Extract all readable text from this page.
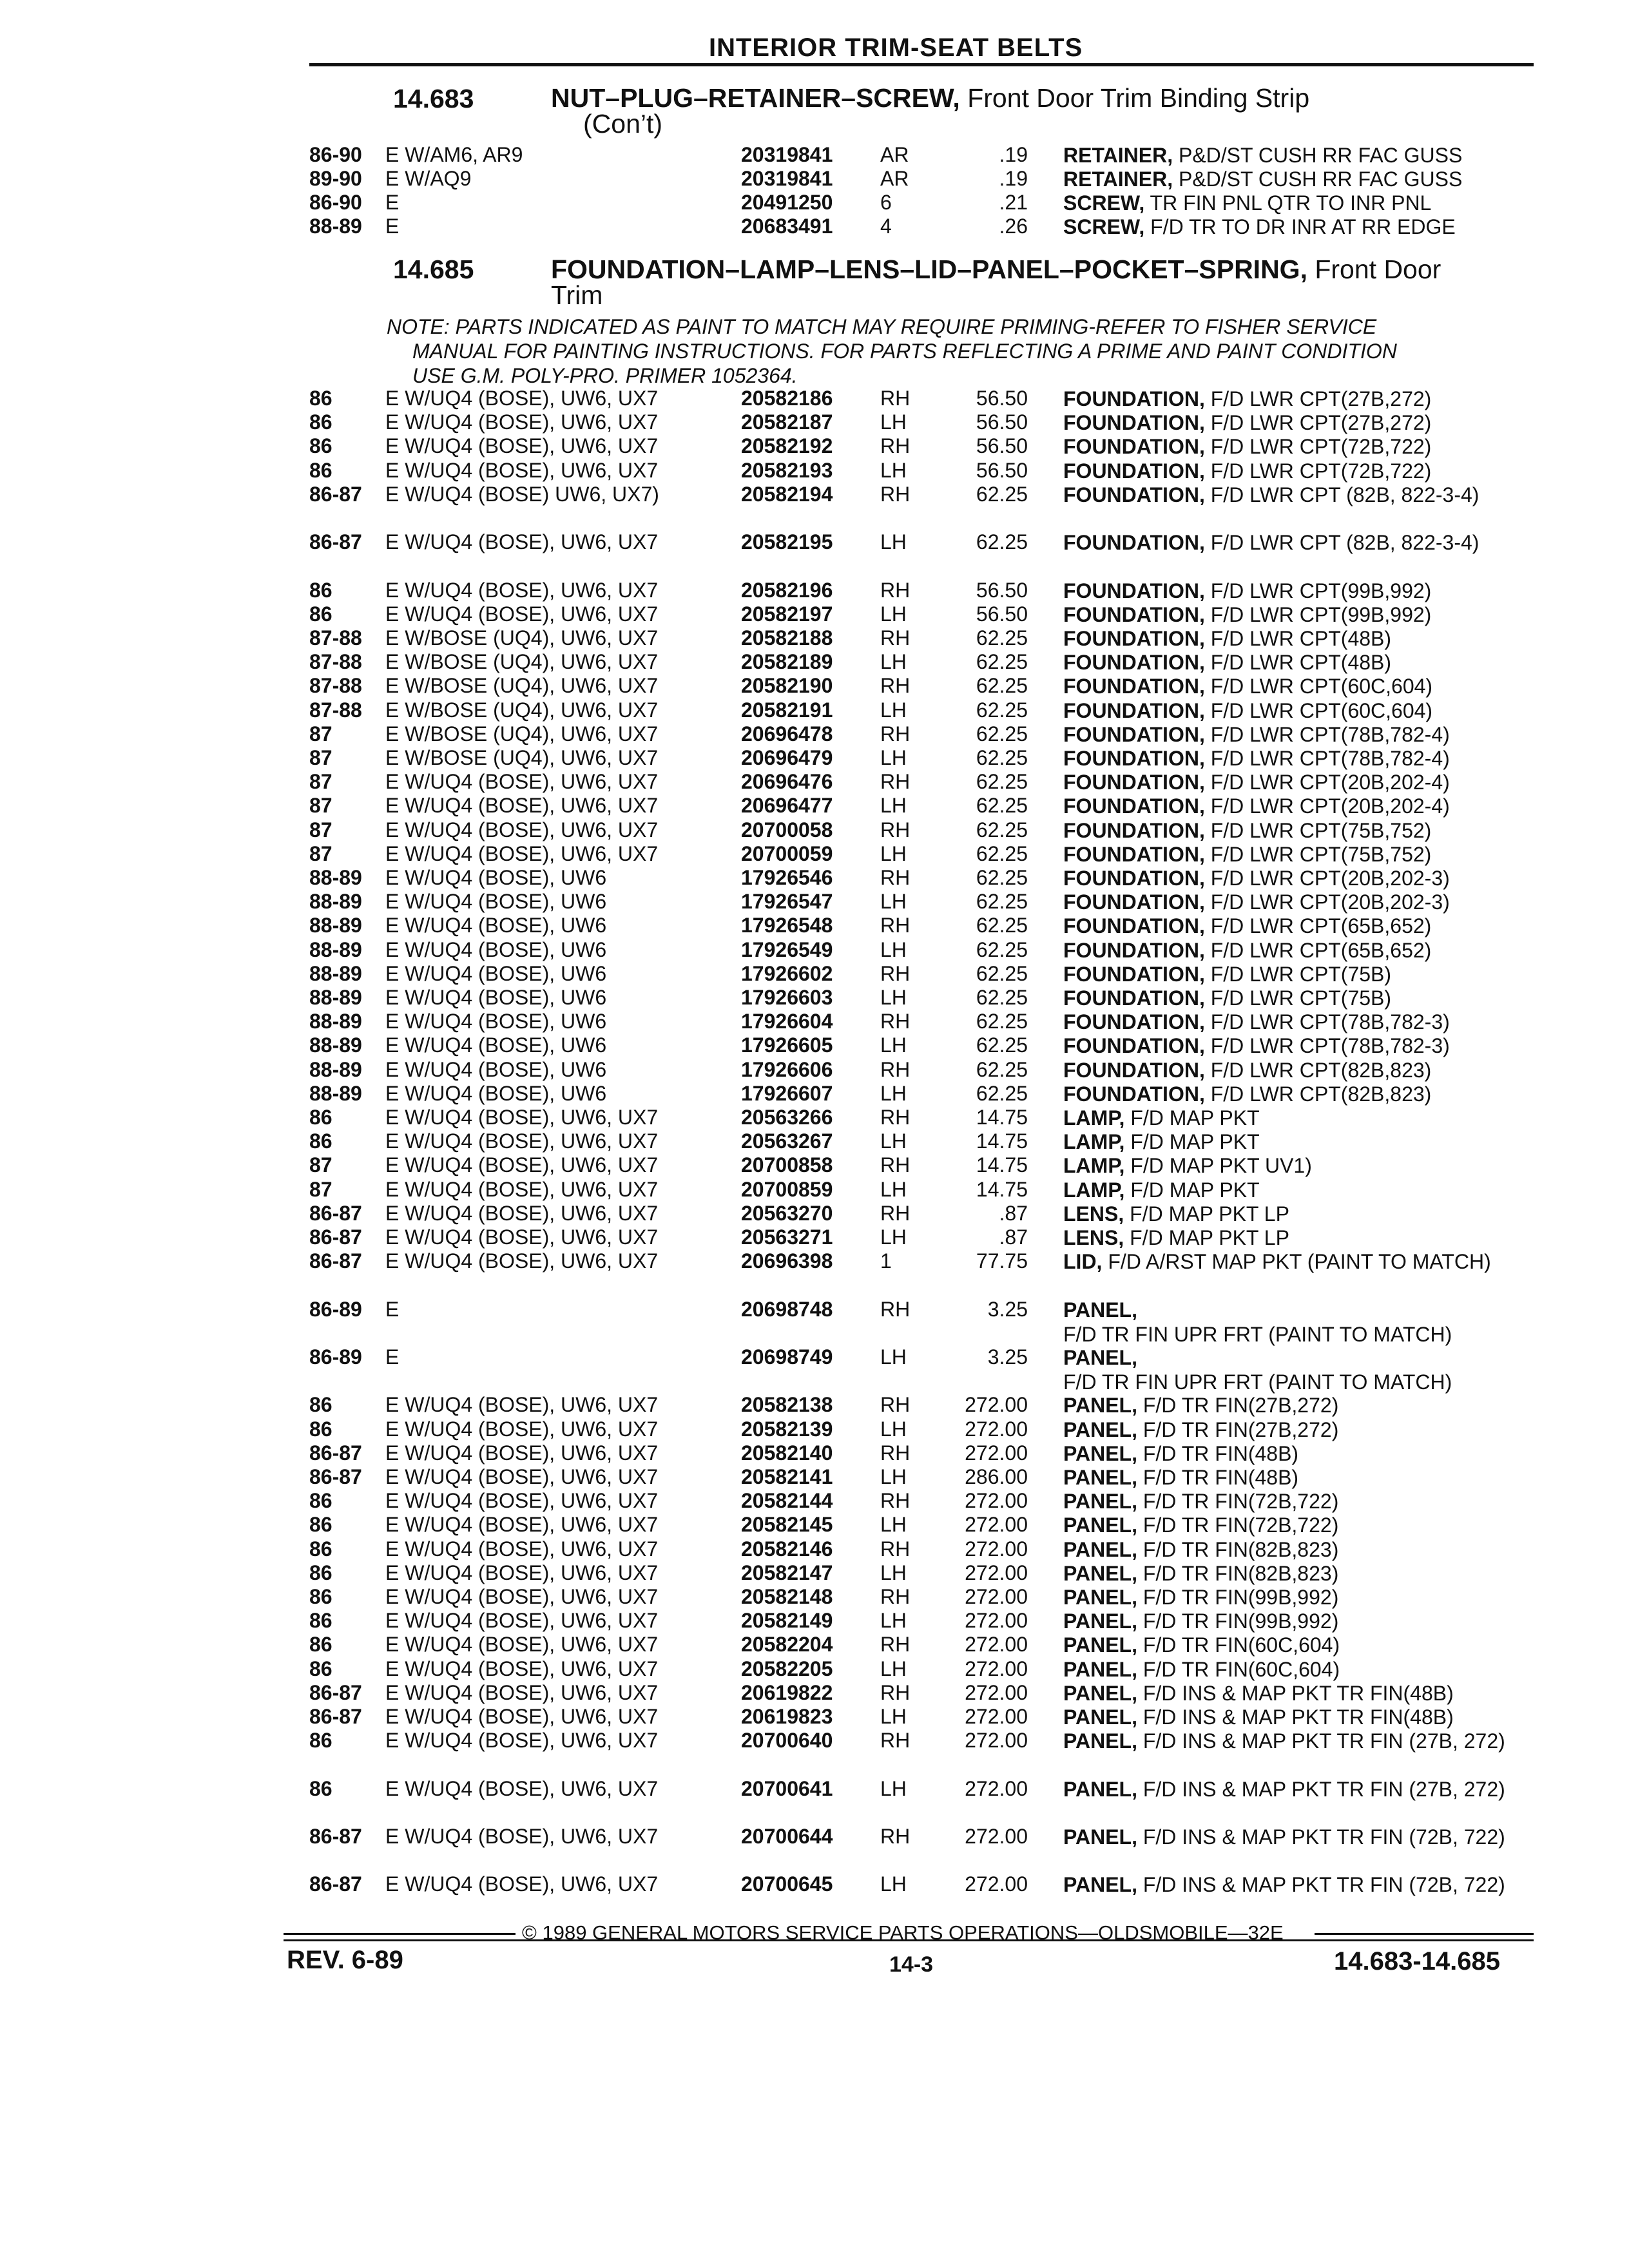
INTERIOR TRIM-SEAT BELTS
14.683	NUT–PLUG–RETAINER–SCREW, Front Door Trim Binding Strip
(Con’t)
86-90 E W/AM6, AR9	20319841 AR	.19 RETAINER, P&D/ST CUSH RR FAC GUSS
89-90 E W/AQ9	20319841 AR	.19 RETAINER, P&D/ST CUSH RR FAC GUSS
86-90 E	20491250 6	.21 SCREW, TR FIN PNL QTR TO INR PNL
88-89 E	20683491 4	.26 SCREW, F/D TR TO DR INR AT RR EDGE
14.685	FOUNDATION–LAMP–LENS–LID–PANEL–POCKET–SPRING, Front Door
Trim
NOTE: PARTS INDICATED AS PAINT TO MATCH MAY REQUIRE PRIMING-REFER TO FISHER SERVICE

MANUAL FOR PAINTING INSTRUCTIONS. FOR PARTS REFLECTING A PRIME AND PAINT CONDITION
USE G.M. POLY-PRO. PRIMER 1052364.
86	E W/UQ4 (BOSE), UW6, UX7	20582186 RH	56.50 FOUNDATION, F/D LWR CPT(27B,272)
86	E W/UQ4 (BOSE), UW6, UX7	20582187 LH	56.50 FOUNDATION, F/D LWR CPT(27B,272)
86	E W/UQ4 (BOSE), UW6, UX7	20582192 RH	56.50 FOUNDATION, F/D LWR CPT(72B,722)
86	E W/UQ4 (BOSE), UW6, UX7	20582193 LH	56.50 FOUNDATION, F/D LWR CPT(72B,722)
86-87 E W/UQ4 (BOSE) UW6, UX7)	20582194 RH	62.25 FOUNDATION, F/D LWR CPT (82B, 822-3-4)
86-87 E W/UQ4 (BOSE), UW6, UX7	20582195 LH	62.25 FOUNDATION, F/D LWR CPT (82B, 822-3-4)
86	E W/UQ4 (BOSE), UW6, UX7	20582196 RH	56.50 FOUNDATION, F/D LWR CPT(99B,992)
86	E W/UQ4 (BOSE), UW6, UX7	20582197 LH	56.50 FOUNDATION, F/D LWR CPT(99B,992)
87-88 E W/BOSE (UQ4), UW6, UX7	20582188 RH	62.25 FOUNDATION, F/D LWR CPT(48B)
87-88 E W/BOSE (UQ4), UW6, UX7	20582189 LH	62.25 FOUNDATION, F/D LWR CPT(48B)
87-88 E W/BOSE (UQ4), UW6, UX7	20582190 RH	62.25 FOUNDATION, F/D LWR CPT(60C,604)
87-88 E W/BOSE (UQ4), UW6, UX7	20582191 LH	62.25 FOUNDATION, F/D LWR CPT(60C,604)
87	E W/BOSE (UQ4), UW6, UX7	20696478 RH	62.25 FOUNDATION, F/D LWR CPT(78B,782-4)
87	E W/BOSE (UQ4), UW6, UX7	20696479 LH	62.25 FOUNDATION, F/D LWR CPT(78B,782-4)
87	E W/UQ4 (BOSE), UW6, UX7	20696476 RH	62.25 FOUNDATION, F/D LWR CPT(20B,202-4)
87	E W/UQ4 (BOSE), UW6, UX7	20696477 LH	62.25 FOUNDATION, F/D LWR CPT(20B,202-4)
87	E W/UQ4 (BOSE), UW6, UX7	20700058 RH	62.25 FOUNDATION, F/D LWR CPT(75B,752)
87	E W/UQ4 (BOSE), UW6, UX7	20700059 LH	62.25 FOUNDATION, F/D LWR CPT(75B,752)
88-89 E W/UQ4 (BOSE), UW6	17926546 RH	62.25 FOUNDATION, F/D LWR CPT(20B,202-3)
88-89 E W/UQ4 (BOSE), UW6	17926547 LH	62.25 FOUNDATION, F/D LWR CPT(20B,202-3)
88-89 E W/UQ4 (BOSE), UW6	17926548 RH	62.25 FOUNDATION, F/D LWR CPT(65B,652)
88-89 E W/UQ4 (BOSE), UW6	17926549 LH	62.25 FOUNDATION, F/D LWR CPT(65B,652)
88-89 E W/UQ4 (BOSE), UW6	17926602 RH	62.25 FOUNDATION, F/D LWR CPT(75B)
88-89 E W/UQ4 (BOSE), UW6	17926603 LH	62.25 FOUNDATION, F/D LWR CPT(75B)
88-89 E W/UQ4 (BOSE), UW6	17926604 RH	62.25 FOUNDATION, F/D LWR CPT(78B,782-3)
88-89 E W/UQ4 (BOSE), UW6	17926605 LH	62.25 FOUNDATION, F/D LWR CPT(78B,782-3)
88-89 E W/UQ4 (BOSE), UW6	17926606 RH	62.25 FOUNDATION, F/D LWR CPT(82B,823)
88-89 E W/UQ4 (BOSE), UW6	17926607 LH	62.25 FOUNDATION, F/D LWR CPT(82B,823)
86	E W/UQ4 (BOSE), UW6, UX7	20563266 RH	14.75 LAMP, F/D MAP PKT
86	E W/UQ4 (BOSE), UW6, UX7	20563267 LH	14.75 LAMP, F/D MAP PKT
87	E W/UQ4 (BOSE), UW6, UX7	20700858 RH	14.75 LAMP, F/D MAP PKT UV1)
87	E W/UQ4 (BOSE), UW6, UX7	20700859 LH	14.75 LAMP, F/D MAP PKT
86-87 E W/UQ4 (BOSE), UW6, UX7	20563270 RH	.87 LENS, F/D MAP PKT LP
86-87 E W/UQ4 (BOSE), UW6, UX7	20563271 LH	.87 LENS, F/D MAP PKT LP
86-87 E W/UQ4 (BOSE), UW6, UX7	20696398 1	77.75 LID, F/D A/RST MAP PKT (PAINT TO MATCH)
86-89 E	20698748 RH	3.25 PANEL, F/D TR FIN UPR FRT (PAINT TO MATCH)
86-89 E	20698749 LH	3.25 PANEL, F/D TR FIN UPR FRT (PAINT TO MATCH)
86	E W/UQ4 (BOSE), UW6, UX7	20582138 RH	272.00 PANEL, F/D TR FIN(27B,272)
86	E W/UQ4 (BOSE), UW6, UX7	20582139 LH	272.00 PANEL, F/D TR FIN(27B,272)
86-87 E W/UQ4 (BOSE), UW6, UX7	20582140 RH	272.00 PANEL, F/D TR FIN(48B)
86-87 E W/UQ4 (BOSE), UW6, UX7	20582141 LH	286.00 PANEL, F/D TR FIN(48B)
86	E W/UQ4 (BOSE), UW6, UX7	20582144 RH	272.00 PANEL, F/D TR FIN(72B,722)
86	E W/UQ4 (BOSE), UW6, UX7	20582145 LH	272.00 PANEL, F/D TR FIN(72B,722)
86	E W/UQ4 (BOSE), UW6, UX7	20582146 RH	272.00 PANEL, F/D TR FIN(82B,823)
86	E W/UQ4 (BOSE), UW6, UX7	20582147 LH	272.00 PANEL, F/D TR FIN(82B,823)
86	E W/UQ4 (BOSE), UW6, UX7	20582148 RH	272.00 PANEL, F/D TR FIN(99B,992)
86	E W/UQ4 (BOSE), UW6, UX7	20582149 LH	272.00 PANEL, F/D TR FIN(99B,992)
86	E W/UQ4 (BOSE), UW6, UX7	20582204 RH	272.00 PANEL, F/D TR FIN(60C,604)
86	E W/UQ4 (BOSE), UW6, UX7	20582205 LH	272.00 PANEL, F/D TR FIN(60C,604)
86-87 E W/UQ4 (BOSE), UW6, UX7	20619822 RH	272.00 PANEL, F/D INS & MAP PKT TR FIN(48B)
86-87 E W/UQ4 (BOSE), UW6, UX7	20619823 LH	272.00 PANEL, F/D INS & MAP PKT TR FIN(48B)
86	E W/UQ4 (BOSE), UW6, UX7	20700640 RH	272.00 PANEL, F/D INS & MAP PKT TR FIN (27B, 272)
86	E W/UQ4 (BOSE), UW6, UX7	20700641 LH	272.00 PANEL, F/D INS & MAP PKT TR FIN (27B, 272)
86-87 E W/UQ4 (BOSE), UW6, UX7	20700644 RH	272.00 PANEL, F/D INS & MAP PKT TR FIN (72B, 722)
86-87 E W/UQ4 (BOSE), UW6, UX7	20700645 LH	272.00 PANEL, F/D INS & MAP PKT TR FIN (72B, 722)
© 1989 GENERAL MOTORS SERVICE PARTS OPERATIONS—OLDSMOBILE—32E
REV. 6-89	14-3	14.683-14.685
